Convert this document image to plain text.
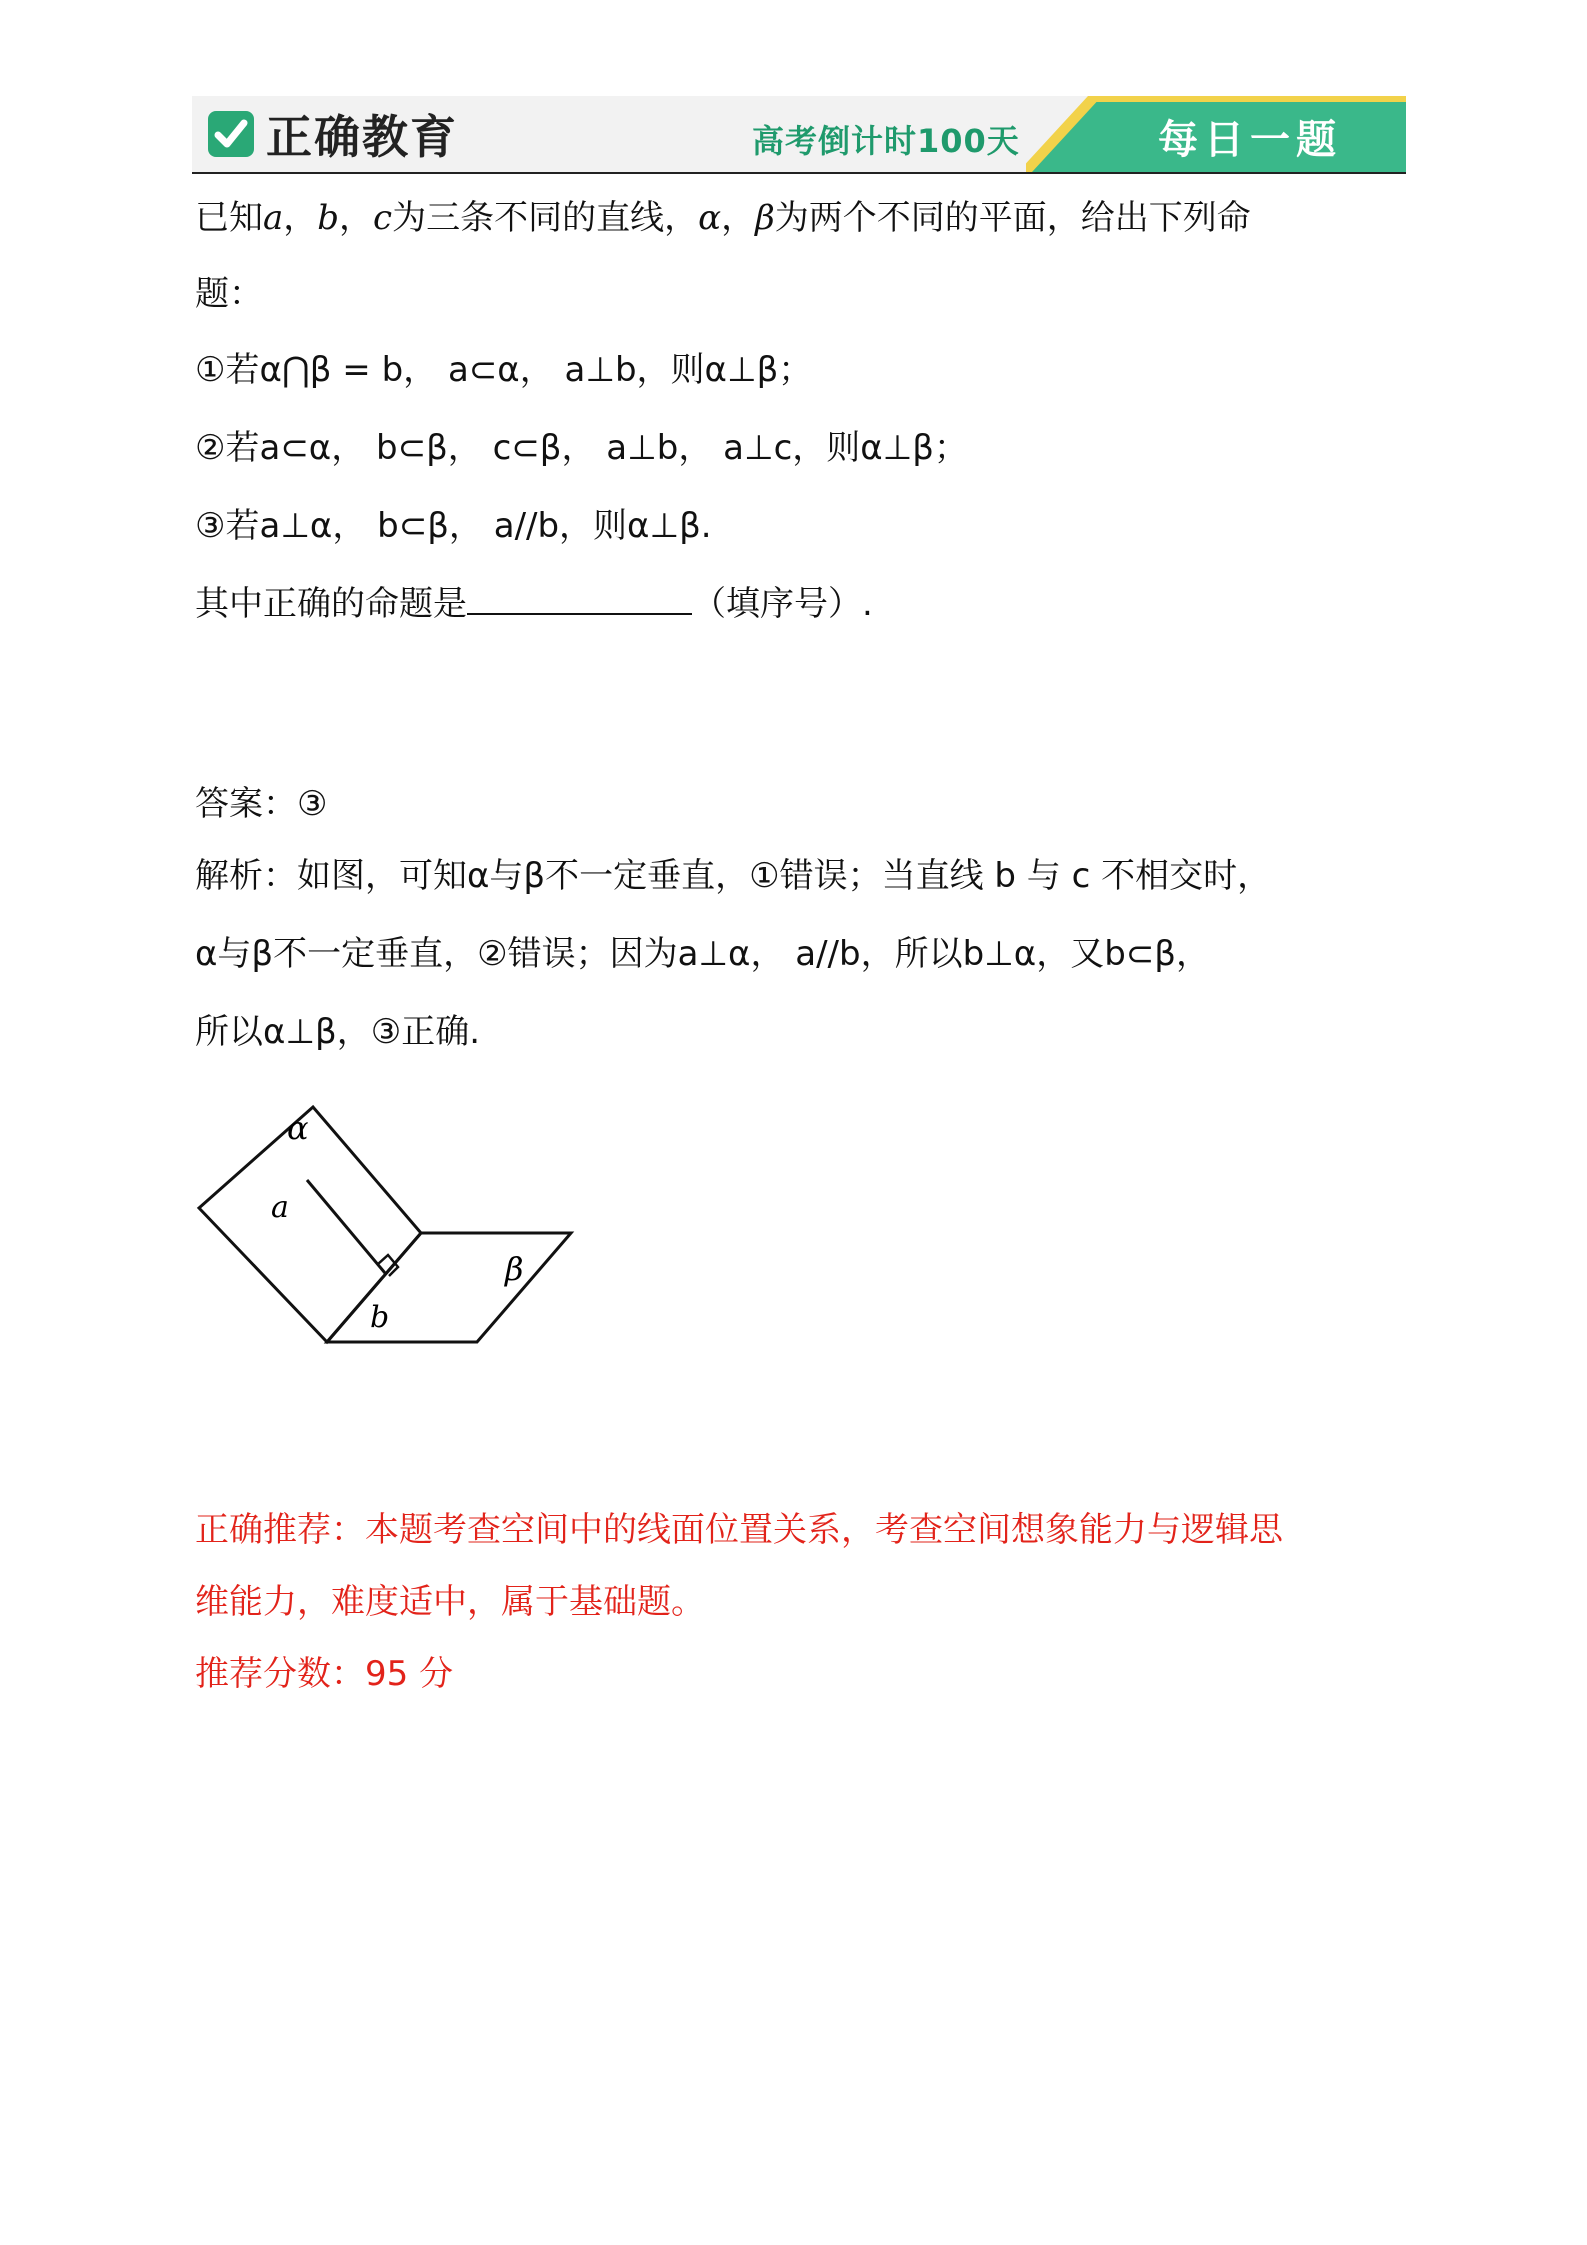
正确教育	高考倒计时100天	每日一题
已知a，b，c为三条不同的直线，α，β为两个不同的平面，给出下列命
题：
①若α⋂β = b， a⊂α， a⊥b，则α⊥β；
②若a⊂α， b⊂β， c⊂β， a⊥b， a⊥c，则α⊥β；
③若a⊥α， b⊂β， a//b，则α⊥β.
其中正确的命题是	（填序号）.
答案：③
解析：如图，可知α与β不一定垂直，①错误；当直线 b 与 c 不相交时，
α与β不一定垂直，②错误；因为a⊥α， a//b，所以b⊥α，又b⊂β，
所以α⊥β，③正确.
正确推荐：本题考查空间中的线面位置关系，考查空间想象能力与逻辑思
维能力，难度适中，属于基础题。
推荐分数：95 分
α
a
β
b
